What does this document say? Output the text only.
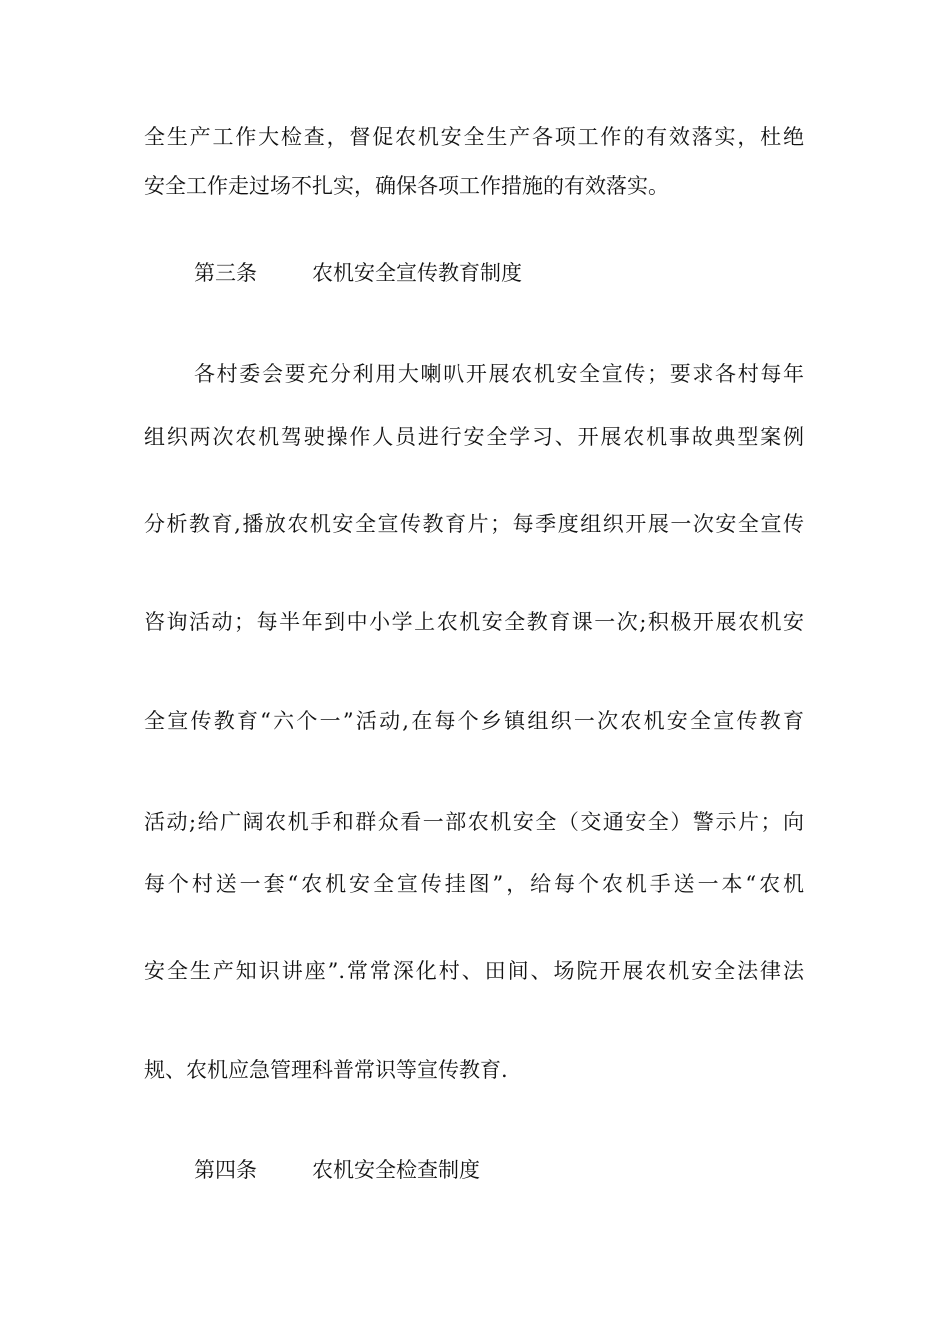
全生产工作大检查，督促农机安全生产各项工作的有效落实，杜绝
安全工作走过场不扎实，确保各项工作措施的有效落实。
第三条	农机安全宣传教育制度
各村委会要充分利用大喇叭开展农机安全宣传；要求各村每年
组织两次农机驾驶操作人员进行安全学习、开展农机事故典型案例
分析教育,播放农机安全宣传教育片；每季度组织开展一次安全宣传
咨询活动；每半年到中小学上农机安全教育课一次;积极开展农机安
全宣传教育“六个一”活动,在每个乡镇组织一次农机安全宣传教育
活动;给广阔农机手和群众看一部农机安全（交通安全）警示片；向
每个村送一套“农机安全宣传挂图”，给每个农机手送一本“农机
安全生产知识讲座”.常常深化村、田间、场院开展农机安全法律法
规、农机应急管理科普常识等宣传教育.
第四条	农机安全检查制度
